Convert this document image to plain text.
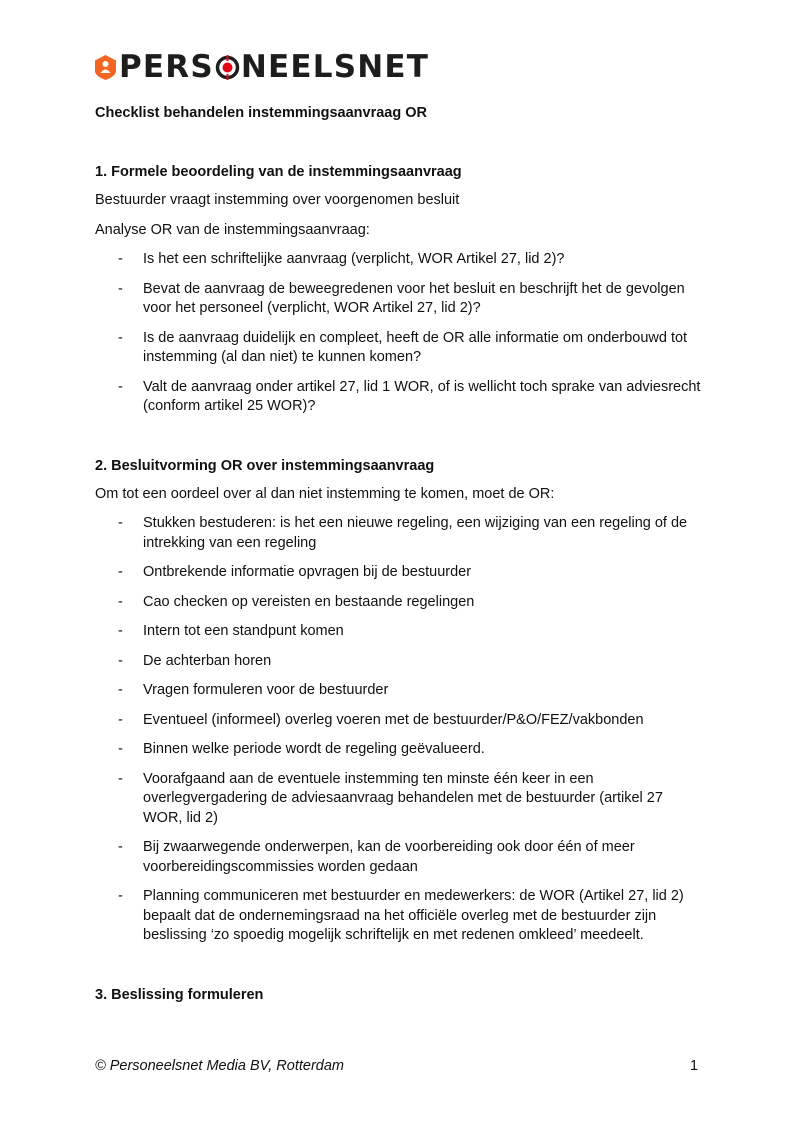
P ERS NEELSNET
Checklist behandelen instemmingsaanvraag OR
1. Formele beoordeling van de instemmingsaanvraag
Bestuurder vraagt instemming over voorgenomen besluit
Analyse OR van de instemmingsaanvraag:
- Is het een schriftelijke aanvraag (verplicht, WOR Artikel 27, lid 2)?
- Bevat de aanvraag de beweegredenen voor het besluit en beschrijft het de gevolgen voor het personeel (verplicht, WOR Artikel 27, lid 2)?
- Is de aanvraag duidelijk en compleet, heeft de OR alle informatie om onderbouwd tot instemming (al dan niet) te kunnen komen?
- Valt de aanvraag onder artikel 27, lid 1 WOR, of is wellicht toch sprake van adviesrecht (conform artikel 25 WOR)?
2. Besluitvorming OR over instemmingsaanvraag
Om tot een oordeel over al dan niet instemming te komen, moet de OR:
- Stukken bestuderen: is het een nieuwe regeling, een wijziging van een regeling of de intrekking van een regeling
- Ontbrekende informatie opvragen bij de bestuurder
- Cao checken op vereisten en bestaande regelingen
- Intern tot een standpunt komen
- De achterban horen
- Vragen formuleren voor de bestuurder
- Eventueel (informeel) overleg voeren met de bestuurder/P&O/FEZ/vakbonden
- Binnen welke periode wordt de regeling geëvalueerd.
- Voorafgaand aan de eventuele instemming ten minste één keer in een overlegvergadering de adviesaanvraag behandelen met de bestuurder (artikel 27 WOR, lid 2)
- Bij zwaarwegende onderwerpen, kan de voorbereiding ook door één of meer voorbereidingscommissies worden gedaan
- Planning communiceren met bestuurder en medewerkers: de WOR (Artikel 27, lid 2) bepaalt dat de ondernemingsraad na het officiële overleg met de bestuurder zijn beslissing ‘zo spoedig mogelijk schriftelijk en met redenen omkleed’ meedeelt.
3. Beslissing formuleren
© Personeelsnet Media BV, Rotterdam	1
